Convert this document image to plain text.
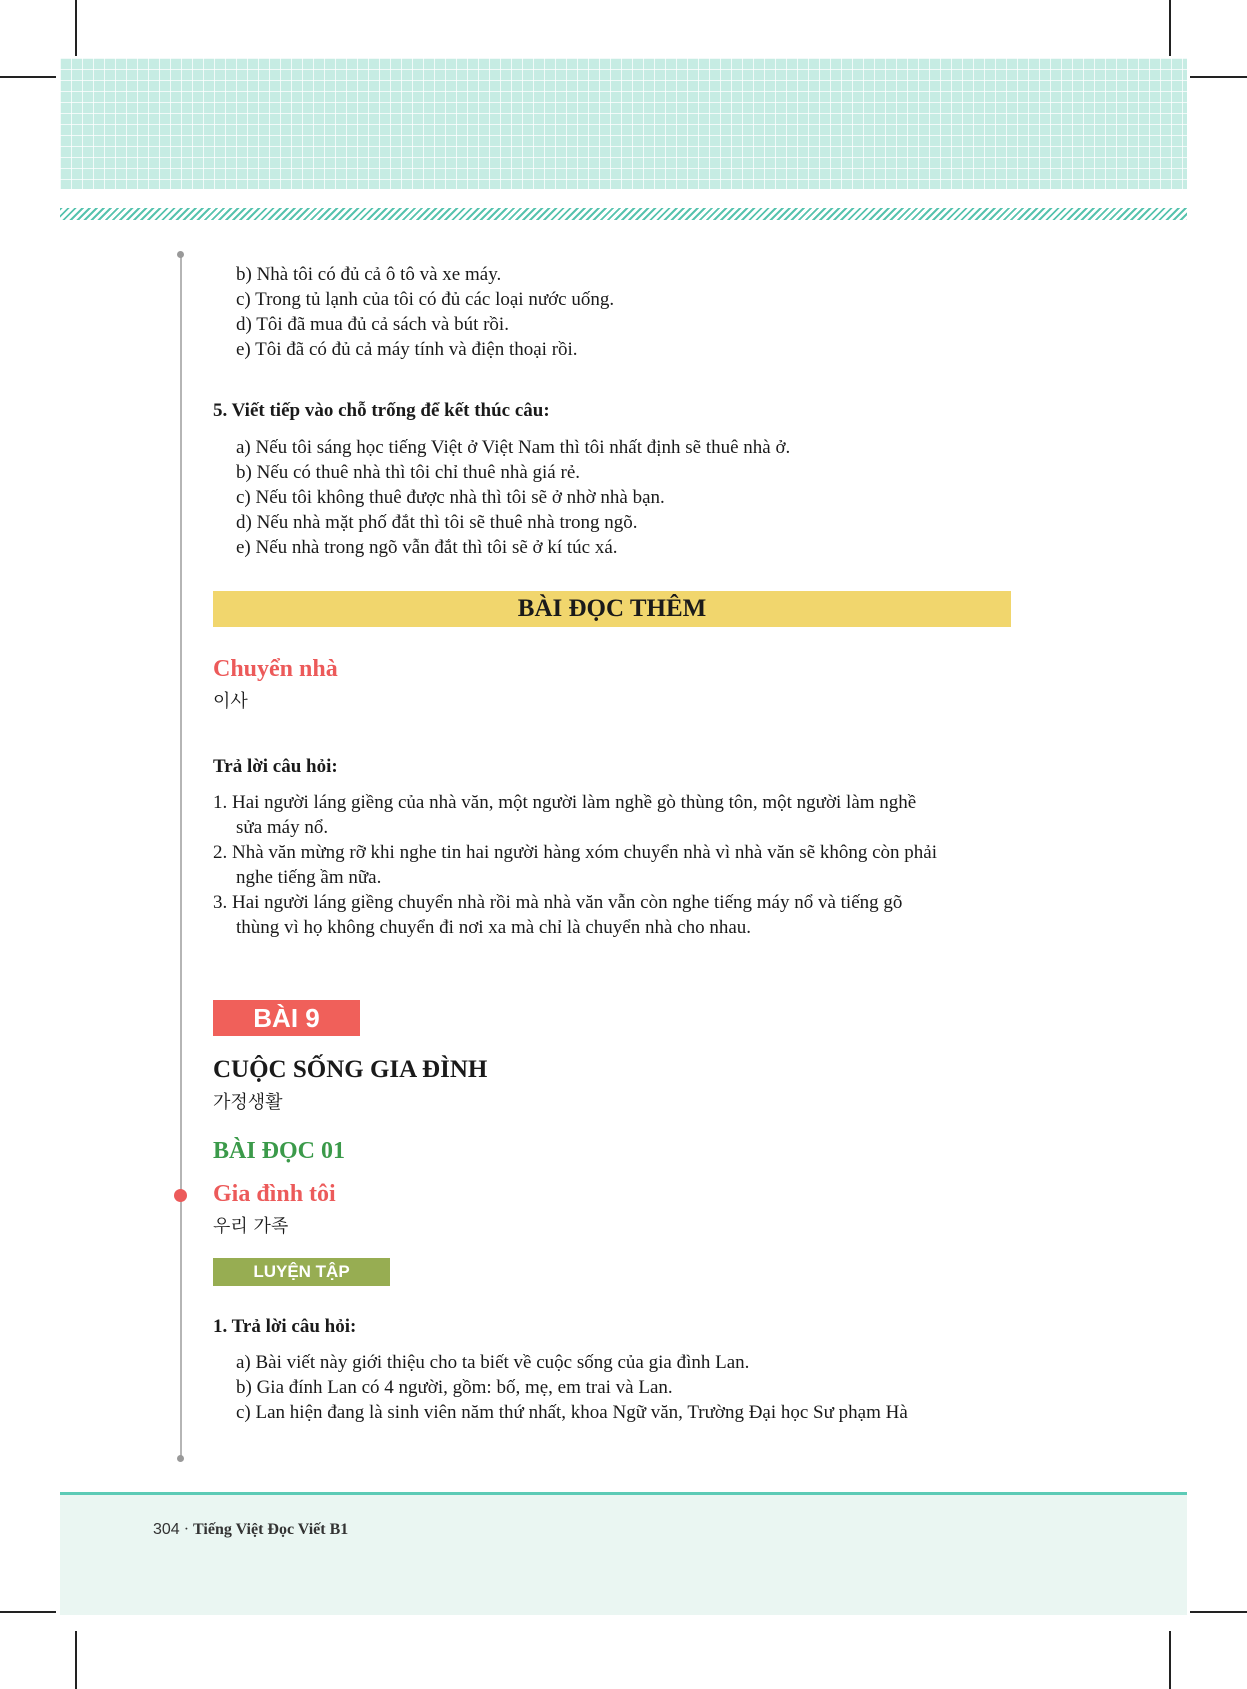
b) Nhà tôi có đủ cả ô tô và xe máy.
c) Trong tủ lạnh của tôi có đủ các loại nước uống.
d) Tôi đã mua đủ cả sách và bút rồi.
e) Tôi đã có đủ cả máy tính và điện thoại rồi.
5. Viết tiếp vào chỗ trống để kết thúc câu:
a) Nếu tôi sáng học tiếng Việt ở Việt Nam thì tôi nhất định sẽ thuê nhà ở.
b) Nếu có thuê nhà thì tôi chỉ thuê nhà giá rẻ.
c) Nếu tôi không thuê được nhà thì tôi sẽ ở nhờ nhà bạn.
d) Nếu nhà mặt phố đắt thì tôi sẽ thuê nhà trong ngõ.
e) Nếu nhà trong ngõ vẫn đắt thì tôi sẽ ở kí túc xá.
BÀI ĐỌC THÊM
Chuyển nhà
이사
Trả lời câu hỏi:
1. Hai người láng giềng của nhà văn, một người làm nghề gò thùng tôn, một người làm nghề
sửa máy nổ.
2. Nhà văn mừng rỡ khi nghe tin hai người hàng xóm chuyển nhà vì nhà văn sẽ không còn phải
nghe tiếng ầm nữa.
3. Hai người láng giềng chuyển nhà rồi mà nhà văn vẫn còn nghe tiếng máy nổ và tiếng gõ
thùng vì họ không chuyển đi nơi xa mà chỉ là chuyển nhà cho nhau.
BÀI 9
CUỘC SỐNG GIA ĐÌNH
가정생활
BÀI ĐỌC 01
Gia đình tôi
우리 가족
LUYỆN TẬP
1. Trả lời câu hỏi:
a) Bài viết này giới thiệu cho ta biết về cuộc sống của gia đình Lan.
b) Gia đính Lan có 4 người, gồm: bố, mẹ, em trai và Lan.
c) Lan hiện đang là sinh viên năm thứ nhất, khoa Ngữ văn, Trường Đại học Sư phạm Hà
304 · Tiếng Việt Đọc Viết B1
